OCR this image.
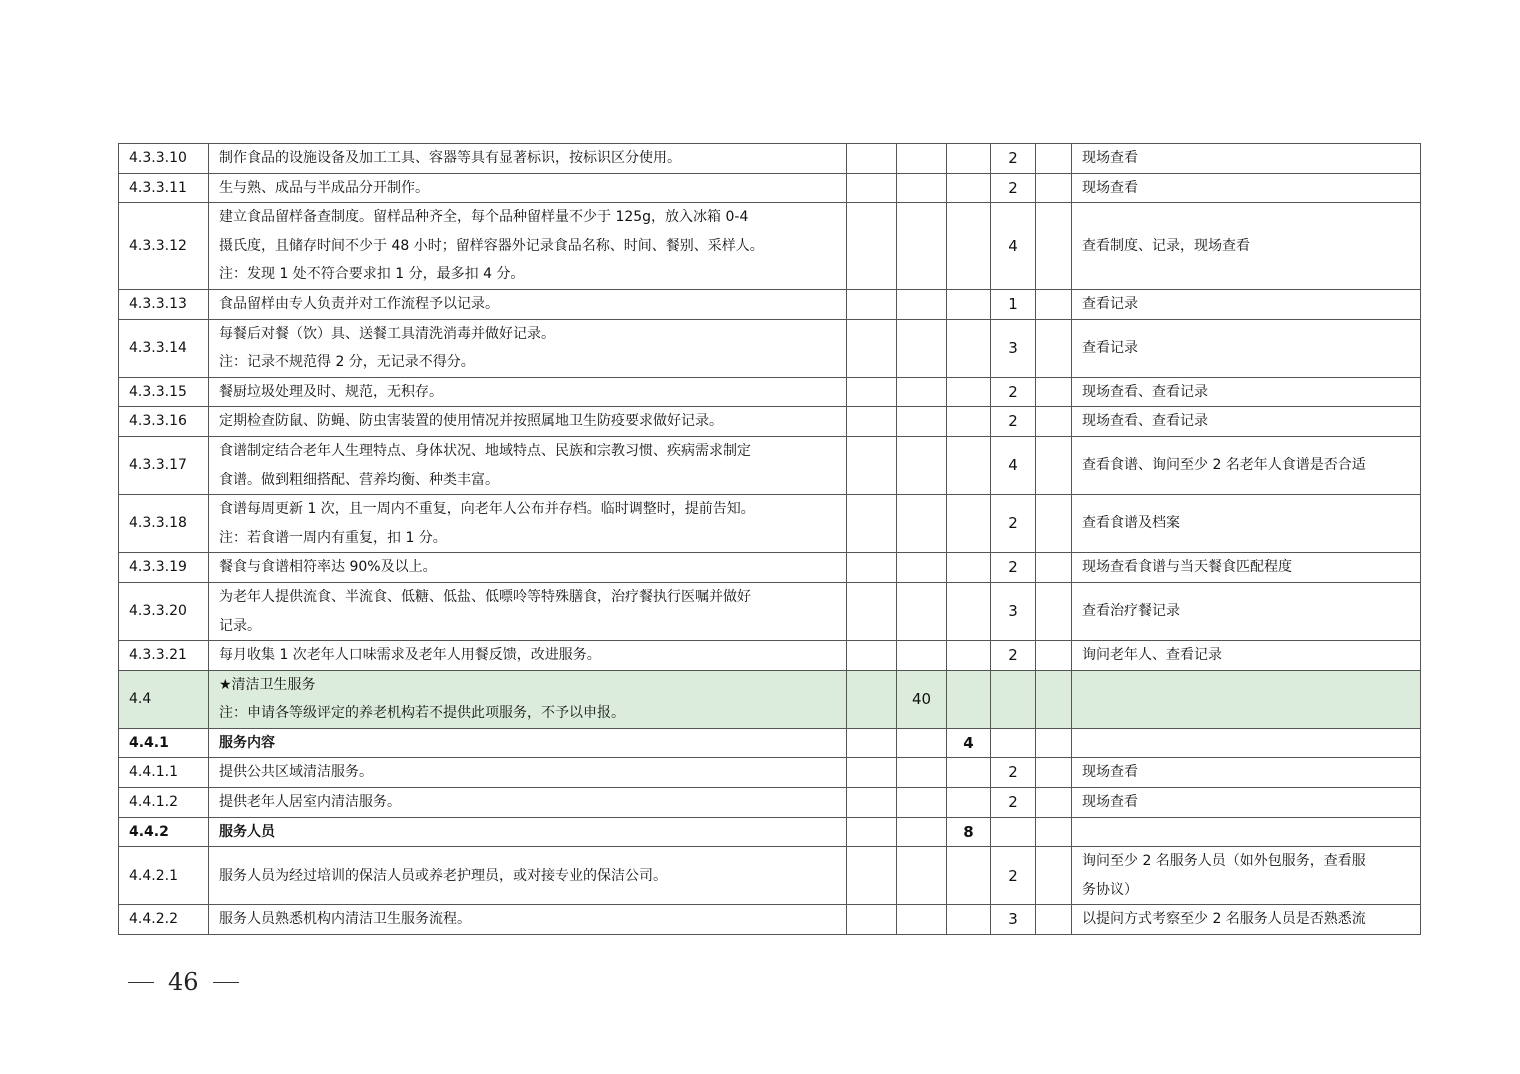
4.3.3.10	制作食品的设施设备及加工工具、容器等具有显著标识，按标识区分使用。				2		现场查看

4.3.3.11	生与熟、成品与半成品分开制作。				2		现场查看

4.3.3.12	建立食品留样备查制度。留样品种齐全，每个品种留样量不少于 125g，放入冰箱 0-4
摄氏度，且储存时间不少于 48 小时；留样容器外记录食品名称、时间、餐别、采样人。
注：发现 1 处不符合要求扣 1 分，最多扣 4 分。				4		查看制度、记录，现场查看

4.3.3.13	食品留样由专人负责并对工作流程予以记录。				1		查看记录

4.3.3.14	每餐后对餐（饮）具、送餐工具清洗消毒并做好记录。
注：记录不规范得 2 分，无记录不得分。				3		查看记录

4.3.3.15	餐厨垃圾处理及时、规范，无积存。				2		现场查看、查看记录

4.3.3.16	定期检查防鼠、防蝇、防虫害装置的使用情况并按照属地卫生防疫要求做好记录。				2		现场查看、查看记录

4.3.3.17	食谱制定结合老年人生理特点、身体状况、地域特点、民族和宗教习惯、疾病需求制定
食谱。做到粗细搭配、营养均衡、种类丰富。				4		查看食谱、询问至少 2 名老年人食谱是否合适

4.3.3.18	食谱每周更新 1 次，且一周内不重复，向老年人公布并存档。临时调整时，提前告知。
注：若食谱一周内有重复，扣 1 分。				2		查看食谱及档案

4.3.3.19	餐食与食谱相符率达 90%及以上。				2		现场查看食谱与当天餐食匹配程度

4.3.3.20	为老年人提供流食、半流食、低糖、低盐、低嘌呤等特殊膳食，治疗餐执行医嘱并做好
记录。				3		查看治疗餐记录

4.3.3.21	每月收集 1 次老年人口味需求及老年人用餐反馈，改进服务。				2		询问老年人、查看记录

4.4	★清洁卫生服务
注：申请各等级评定的养老机构若不提供此项服务，不予以申报。		40				
4.4.1	服务内容			4			
4.4.1.1	提供公共区域清洁服务。				2		现场查看

4.4.1.2	提供老年人居室内清洁服务。				2		现场查看

4.4.2	服务人员			8			
4.4.2.1	服务人员为经过培训的保洁人员或养老护理员，或对接专业的保洁公司。				2		询问至少 2 名服务人员（如外包服务，查看服
务协议）

4.4.2.2	服务人员熟悉机构内清洁卫生服务流程。				3		以提问方式考察至少 2 名服务人员是否熟悉流
46
